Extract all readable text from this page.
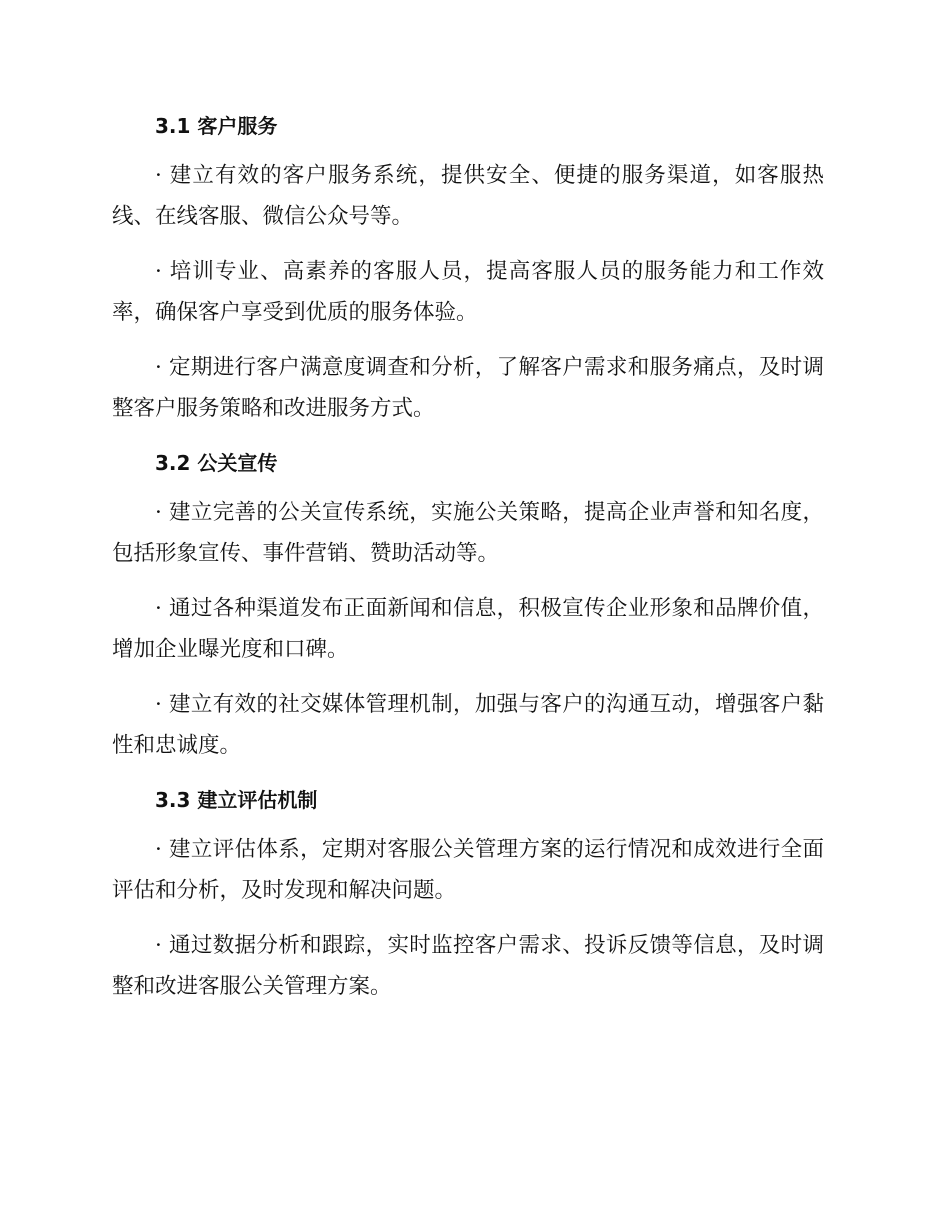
3.1 客户服务

· 建立有效的客户服务系统，提供安全、便捷的服务渠道，如客服热线、在线客服、微信公众号等。

· 培训专业、高素养的客服人员，提高客服人员的服务能力和工作效率，确保客户享受到优质的服务体验。

· 定期进行客户满意度调查和分析，了解客户需求和服务痛点，及时调整客户服务策略和改进服务方式。

3.2 公关宣传

· 建立完善的公关宣传系统，实施公关策略，提高企业声誉和知名度，包括形象宣传、事件营销、赞助活动等。

· 通过各种渠道发布正面新闻和信息，积极宣传企业形象和品牌价值，增加企业曝光度和口碑。

· 建立有效的社交媒体管理机制，加强与客户的沟通互动，增强客户黏性和忠诚度。

3.3 建立评估机制

· 建立评估体系，定期对客服公关管理方案的运行情况和成效进行全面评估和分析，及时发现和解决问题。

· 通过数据分析和跟踪，实时监控客户需求、投诉反馈等信息，及时调整和改进客服公关管理方案。
